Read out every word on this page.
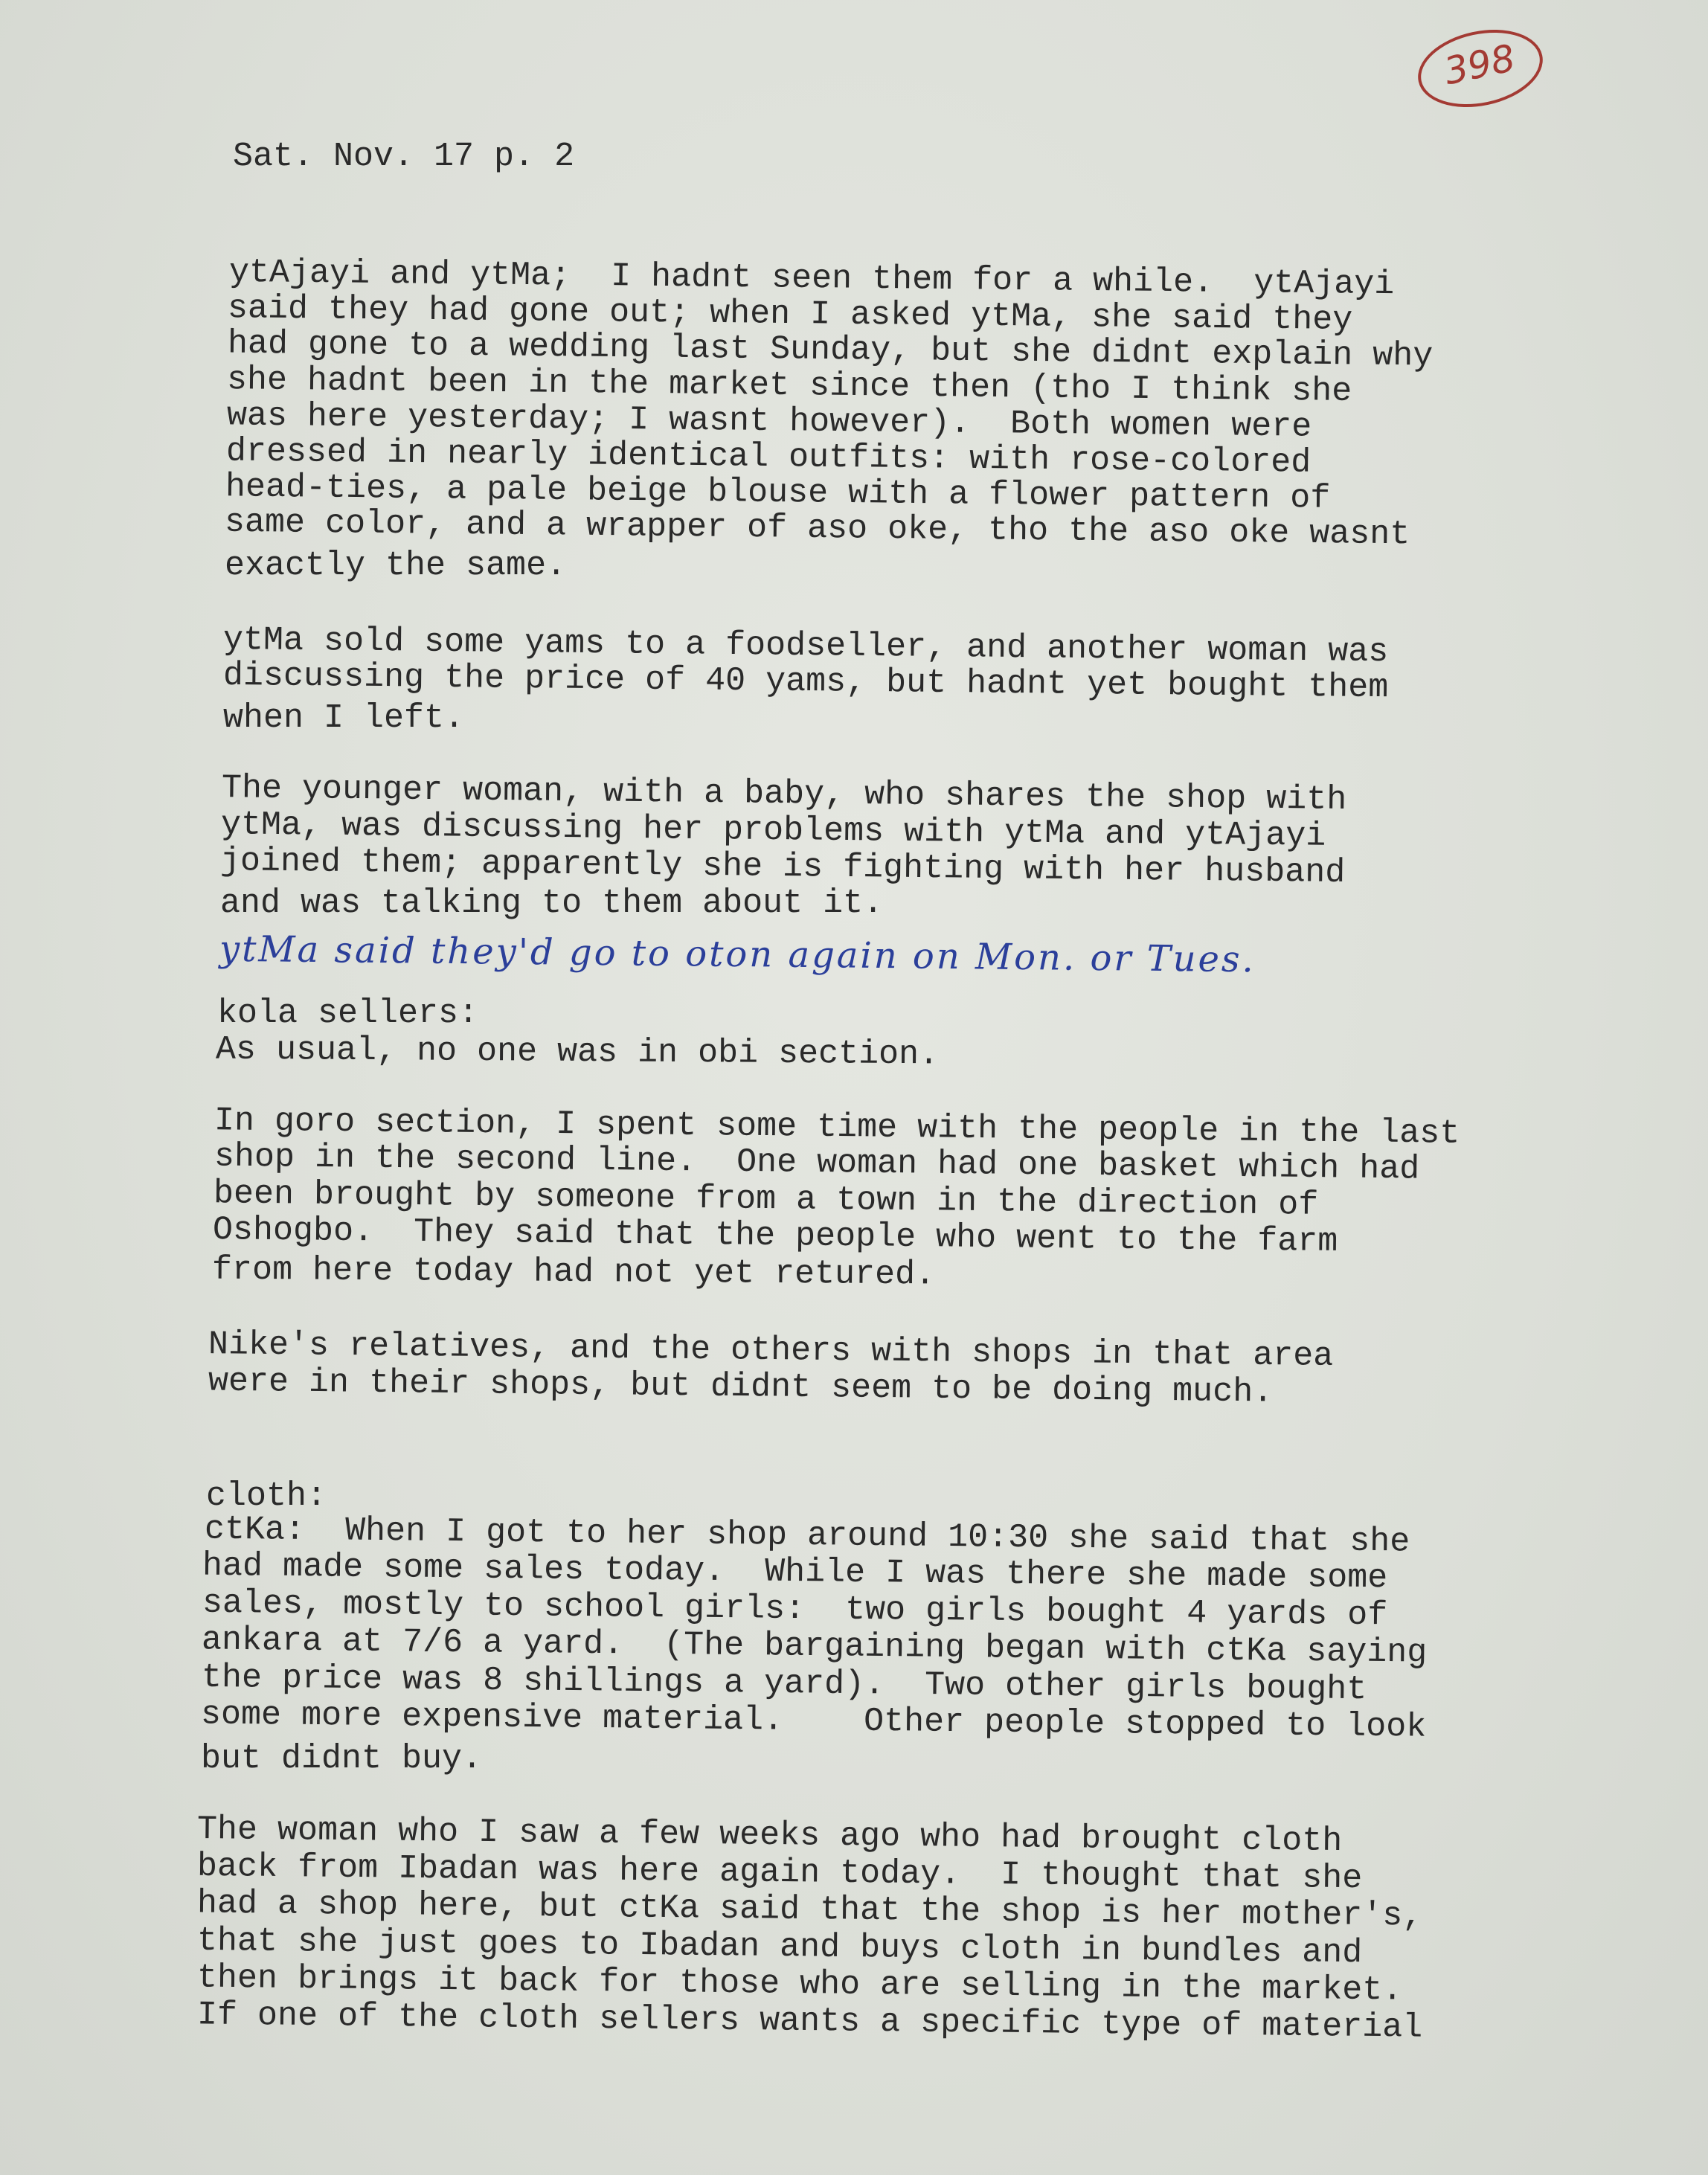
398
Sat. Nov. 17 p. 2
ytAjayi and ytMa;  I hadnt seen them for a while.  ytAjayi
said they had gone out; when I asked ytMa, she said they
had gone to a wedding last Sunday, but she didnt explain why
she hadnt been in the market since then (tho I think she
was here yesterday; I wasnt however).  Both women were
dressed in nearly identical outfits: with rose-colored
head-ties, a pale beige blouse with a flower pattern of
same color, and a wrapper of aso oke, tho the aso oke wasnt
exactly the same.
ytMa sold some yams to a foodseller, and another woman was
discussing the price of 40 yams, but hadnt yet bought them
when I left.
The younger woman, with a baby, who shares the shop with
ytMa, was discussing her problems with ytMa and ytAjayi
joined them; apparently she is fighting with her husband
and was talking to them about it.
ytMa said they'd go to oton again on Mon. or Tues.
kola sellers:
As usual, no one was in obi section.
In goro section, I spent some time with the people in the last
shop in the second line.  One woman had one basket which had
been brought by someone from a town in the direction of
Oshogbo.  They said that the people who went to the farm
from here today had not yet retured.
Nike's relatives, and the others with shops in that area
were in their shops, but didnt seem to be doing much.
cloth:
ctKa:  When I got to her shop around 10:30 she said that she
had made some sales today.  While I was there she made some
sales, mostly to school girls:  two girls bought 4 yards of
ankara at 7/6 a yard.  (The bargaining began with ctKa saying
the price was 8 shillings a yard).  Two other girls bought
some more expensive material.    Other people stopped to look
but didnt buy.
The woman who I saw a few weeks ago who had brought cloth
back from Ibadan was here again today.  I thought that she
had a shop here, but ctKa said that the shop is her mother's,
that she just goes to Ibadan and buys cloth in bundles and
then brings it back for those who are selling in the market.
If one of the cloth sellers wants a specific type of material
